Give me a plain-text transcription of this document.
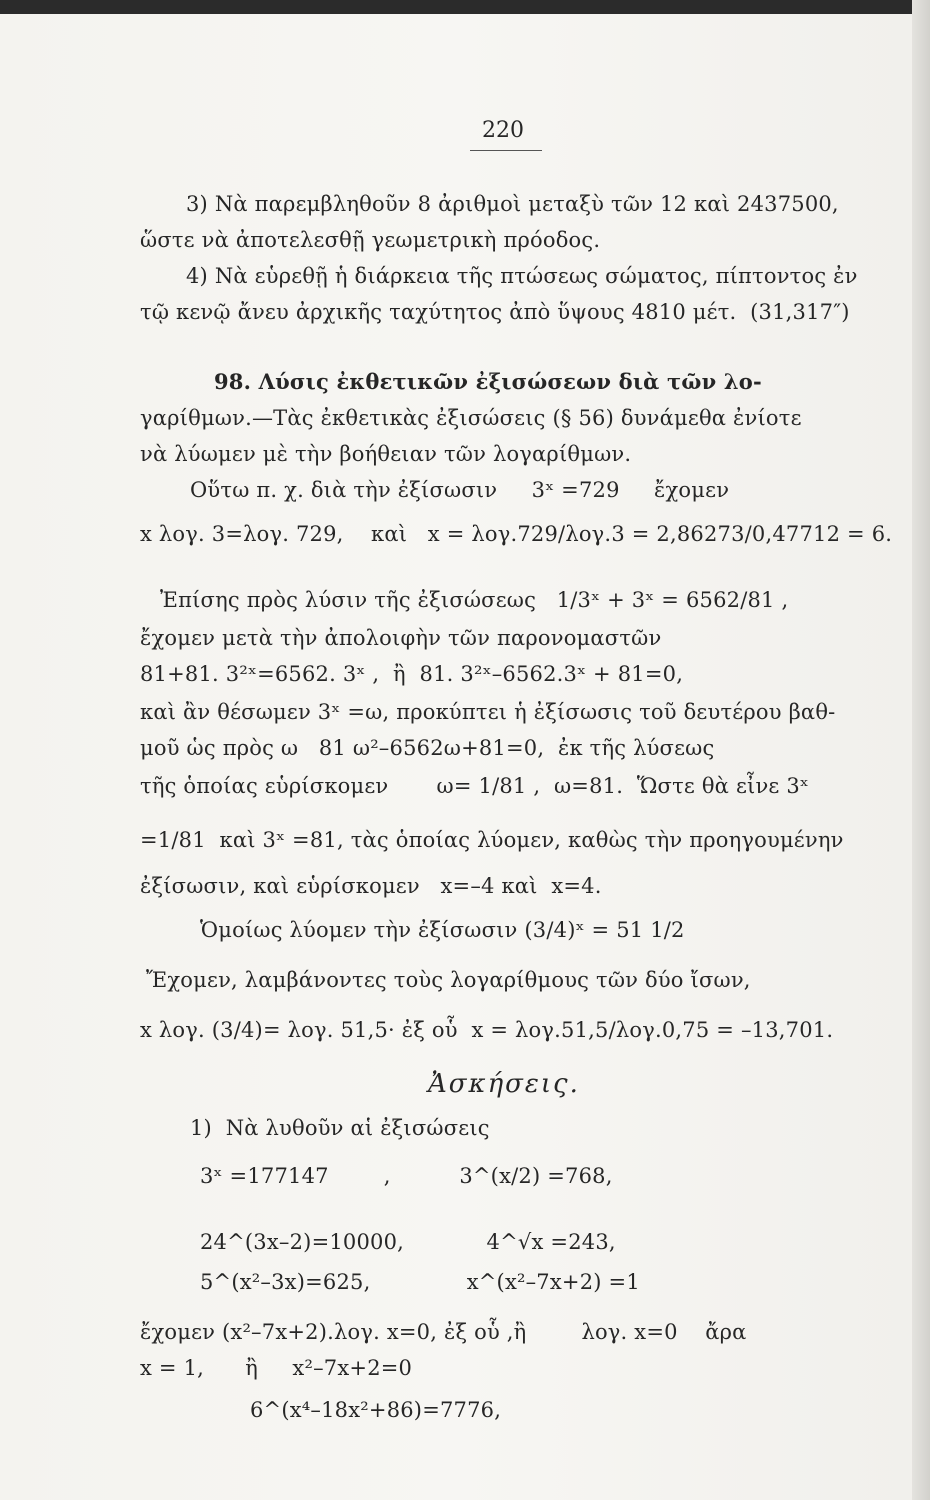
220
3) Νὰ παρεμβληθοῦν 8 ἀριθμοὶ μεταξὺ τῶν 12 καὶ 2437500,
ὥστε νὰ ἀποτελεσθῇ γεωμετρικὴ πρόοδος.
4) Νὰ εὑρεθῇ ἡ διάρκεια τῆς πτώσεως σώματος, πίπτοντος ἐν
τῷ κενῷ ἄνευ ἀρχικῆς ταχύτητος ἀπὸ ὕψους 4810 μέτ.  (31,317″)
98. Λύσις ἐκθετικῶν ἐξισώσεων διὰ τῶν λο-
γαρίθμων.—Τὰς ἐκθετικὰς ἐξισώσεις (§ 56) δυνάμεθα ἐνίοτε
νὰ λύωμεν μὲ τὴν βοήθειαν τῶν λογαρίθμων.
Οὕτω π. χ. διὰ τὴν ἐξίσωσιν     3ˣ =729     ἔχομεν
x λογ. 3=λογ. 729,    καὶ   x = λογ.729/λογ.3 = 2,86273/0,47712 = 6.
Ἐπίσης πρὸς λύσιν τῆς ἐξισώσεως   1/3ˣ + 3ˣ = 6562/81 ,
ἔχομεν μετὰ τὴν ἀπολοιφὴν τῶν παρονομαστῶν
81+81. 3²ˣ=6562. 3ˣ ,  ἢ  81. 3²ˣ–6562.3ˣ + 81=0,
καὶ ἂν θέσωμεν 3ˣ =ω, προκύπτει ἡ ἐξίσωσις τοῦ δευτέρου βαθ-
μοῦ ὡς πρὸς ω   81 ω²–6562ω+81=0,  ἐκ τῆς λύσεως
τῆς ὁποίας εὑρίσκομεν       ω= 1/81 ,  ω=81.  Ὥστε θὰ εἶνε 3ˣ
=1/81  καὶ 3ˣ =81, τὰς ὁποίας λύομεν, καθὼς τὴν προηγουμένην
ἐξίσωσιν, καὶ εὑρίσκομεν   x=–4 καὶ  x=4.
Ὁμοίως λύομεν τὴν ἐξίσωσιν (3/4)ˣ = 51 1/2
Ἔχομεν, λαμβάνοντες τοὺς λογαρίθμους τῶν δύο ἴσων,
x λογ. (3/4)= λογ. 51,5· ἐξ οὗ  x = λογ.51,5/λογ.0,75 = –13,701.
Ἀσκήσεις.
1)  Νὰ λυθοῦν αἱ ἐξισώσεις
3ˣ =177147        ,          3^(x/2) =768,
24^(3x–2)=10000,            4^√x =243,
5^(x²–3x)=625,              x^(x²–7x+2) =1
ἔχομεν (x²–7x+2).λογ. x=0, ἐξ οὗ ,ἢ        λογ. x=0    ἄρα
x = 1,      ἢ     x²–7x+2=0
6^(x⁴–18x²+86)=7776,
